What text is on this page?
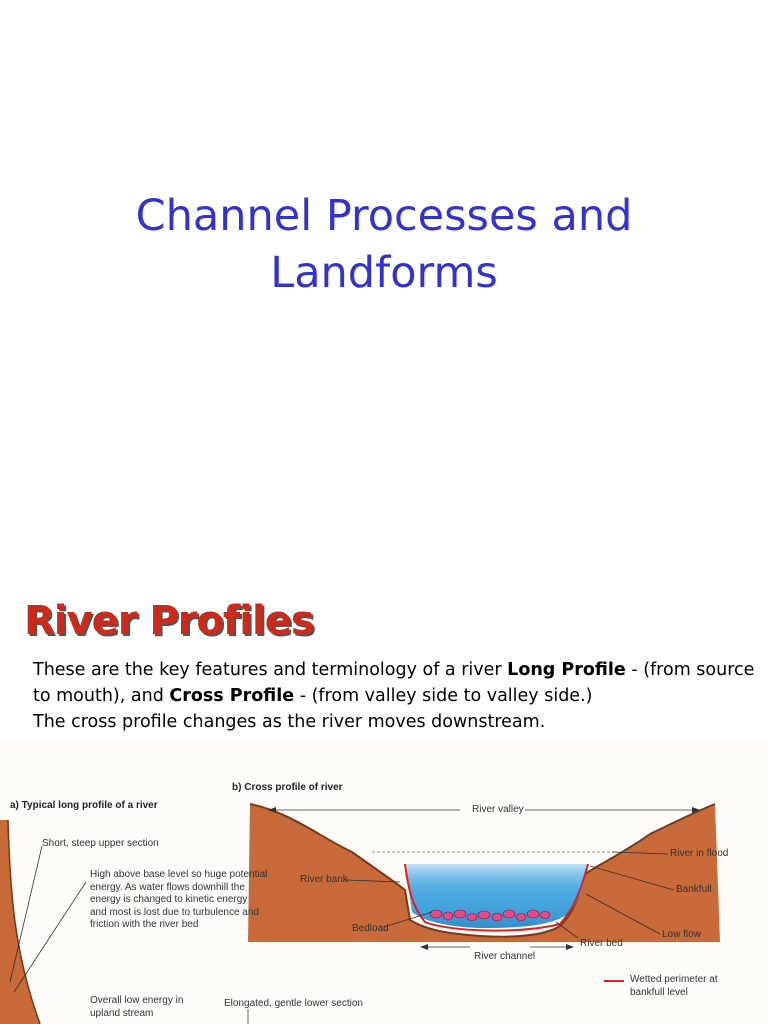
Channel Processes and
Landforms
River Profiles
These are the key features and terminology of a river Long Profile - (from source to mouth), and Cross Profile - (from valley side to valley side.)
The cross profile changes as the river moves downstream.
a) Typical long profile of a river
b) Cross profile of river
Short, steep upper section
High above base level so huge potential
energy. As water flows downhill the
energy is changed to kinetic energy
and most is lost due to turbulence and
friction with the river bed
Overall low energy in
upland stream
Elongated, gentle lower section
River valley
River bank
Bedload
River channel
River bed
River in flood
Bankfull
Low flow
Wetted perimeter at
bankfull level
